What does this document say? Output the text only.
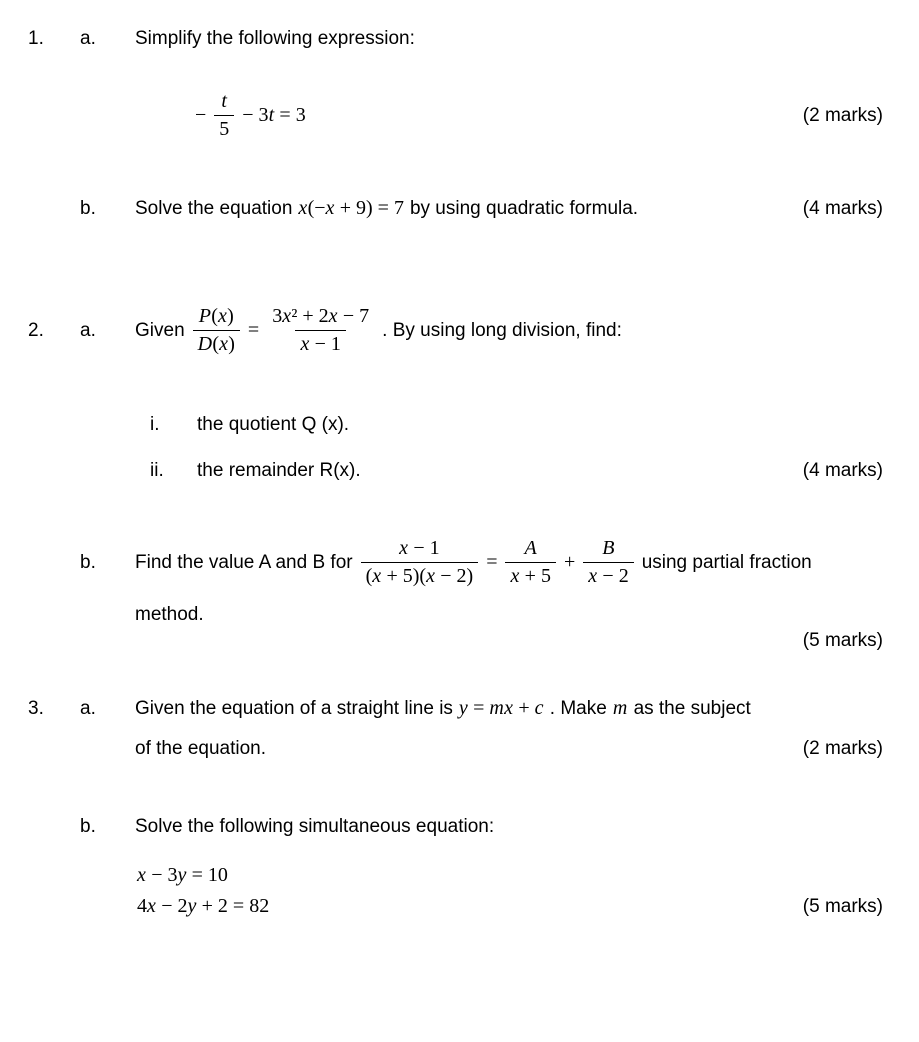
1.	a.	Simplify the following expression:
− $\frac{t}{5} - 3t = 3$	(2 marks)
b.	Solve the equation x(−x + 9) = 7 by using quadratic formula.	(4 marks)
2.	a.	Given $\frac{P(x)}{D(x)} = \frac{\text{3x² + 2x − 7}}{x - 1}$ . By using long division, find:
i.	the quotient Q (x).
ii.	the remainder R(x).	(4 marks)
b.	Find the value A and B for $\frac{x - 1}{(x + 5)(x - 2)} = \frac{A}{x + 5} + \frac{B}{x - 2}$ using partial fraction
method.
(5 marks)
3.	a.	Given the equation of a straight line is y = mx + c . Make m as the subject
of the equation.	(2 marks)
b.	Solve the following simultaneous equation:
x − 3y = 10
4x − 2y + 2 = 82	(5 marks)
